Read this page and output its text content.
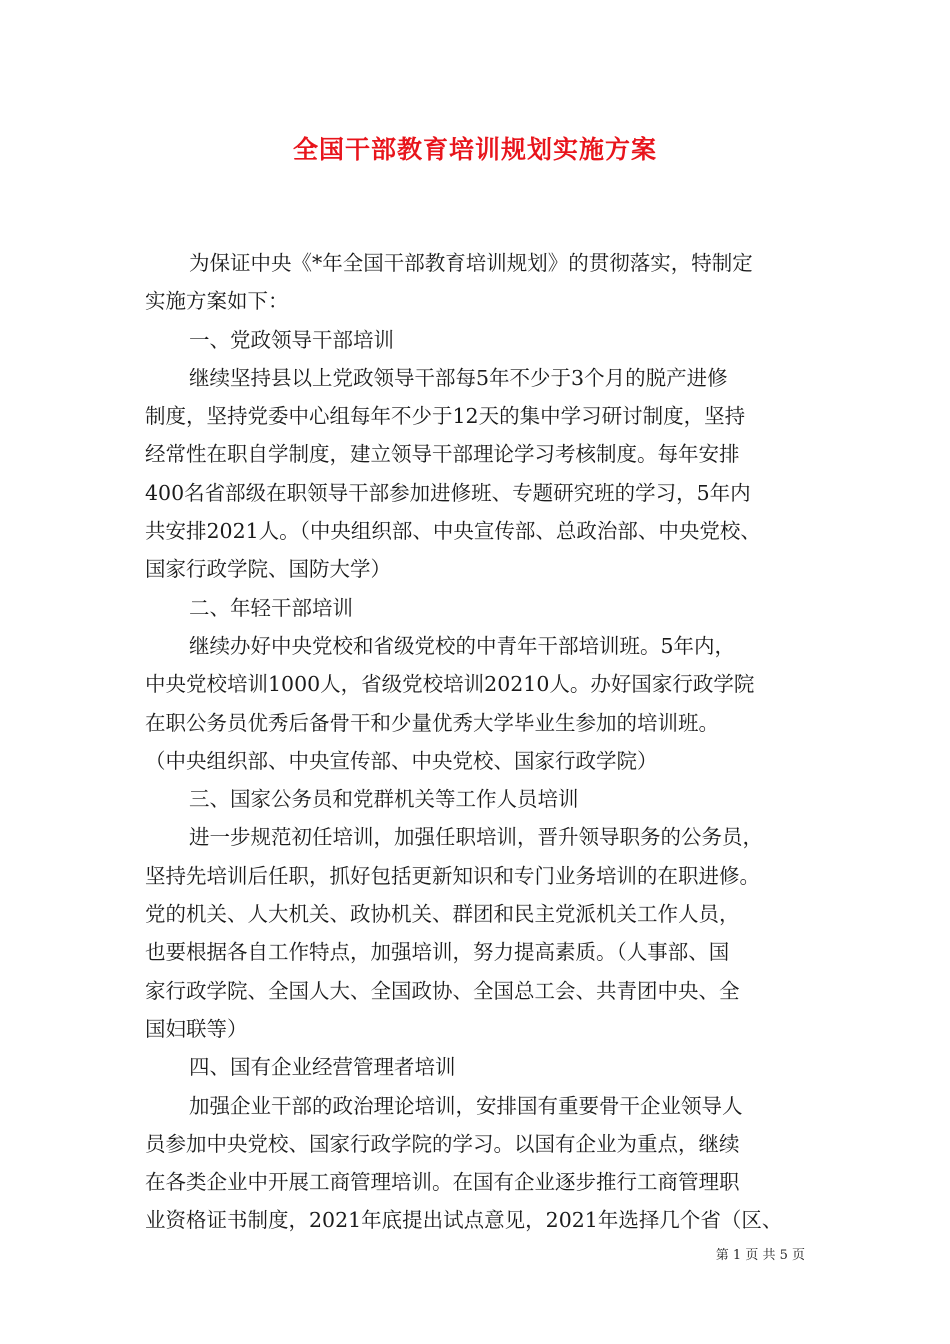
全国干部教育培训规划实施方案
为保证中央《*年全国干部教育培训规划》的贯彻落实，特制定
实施方案如下：
一、党政领导干部培训
继续坚持县以上党政领导干部每5年不少于3个月的脱产进修
制度，坚持党委中心组每年不少于12天的集中学习研讨制度，坚持
经常性在职自学制度，建立领导干部理论学习考核制度。每年安排
400名省部级在职领导干部参加进修班、专题研究班的学习，5年内
共安排2021人。（中央组织部、中央宣传部、总政治部、中央党校、
国家行政学院、国防大学）
二、年轻干部培训
继续办好中央党校和省级党校的中青年干部培训班。5年内，
中央党校培训1000人，省级党校培训20210人。办好国家行政学院
在职公务员优秀后备骨干和少量优秀大学毕业生参加的培训班。
（中央组织部、中央宣传部、中央党校、国家行政学院）
三、国家公务员和党群机关等工作人员培训
进一步规范初任培训，加强任职培训，晋升领导职务的公务员，
坚持先培训后任职，抓好包括更新知识和专门业务培训的在职进修。
党的机关、人大机关、政协机关、群团和民主党派机关工作人员，
也要根据各自工作特点，加强培训，努力提高素质。（人事部、国
家行政学院、全国人大、全国政协、全国总工会、共青团中央、全
国妇联等）
四、国有企业经营管理者培训
加强企业干部的政治理论培训，安排国有重要骨干企业领导人
员参加中央党校、国家行政学院的学习。以国有企业为重点，继续
在各类企业中开展工商管理培训。在国有企业逐步推行工商管理职
业资格证书制度，2021年底提出试点意见，2021年选择几个省（区、
第 1 页 共 5 页
